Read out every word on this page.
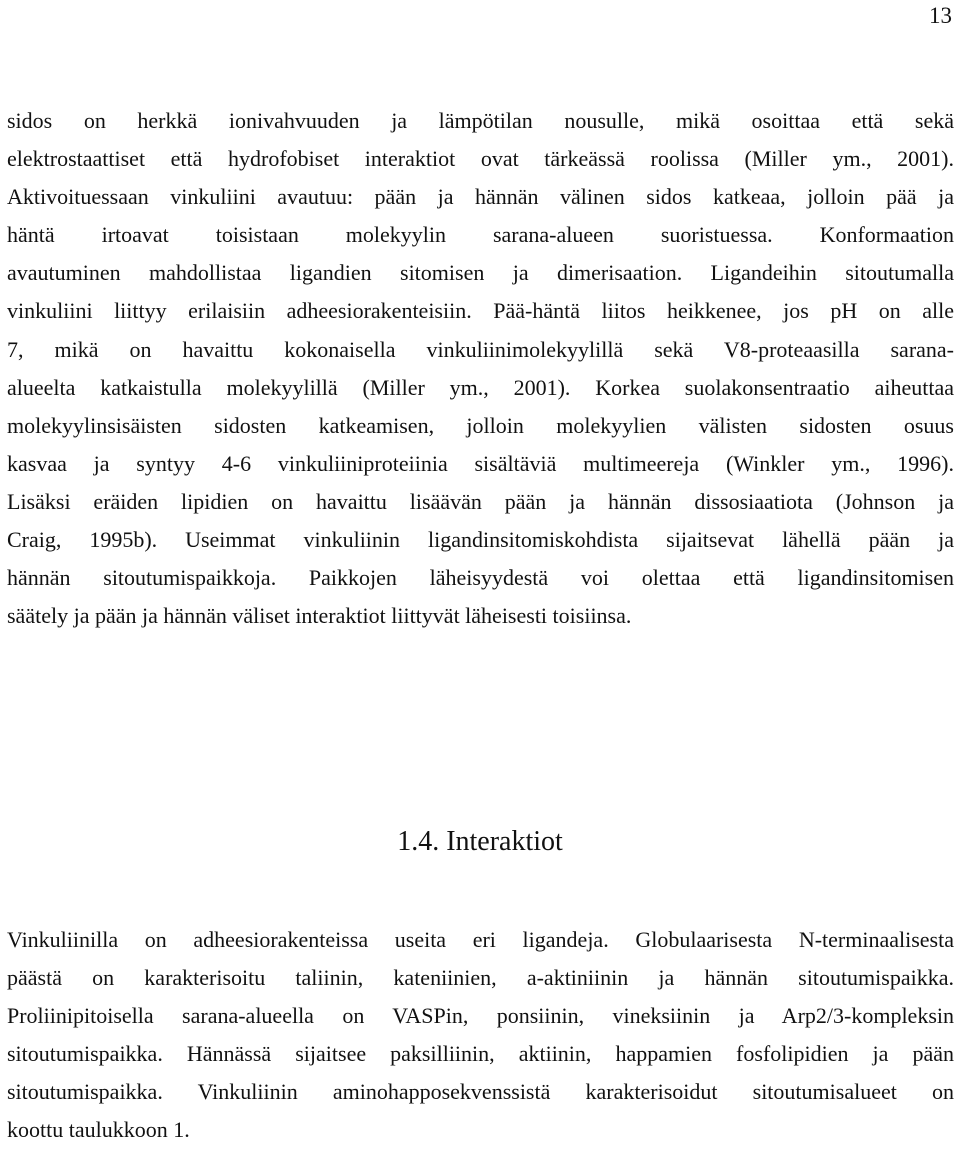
13
sidos on herkkä ionivahvuuden ja lämpötilan nousulle, mikä osoittaa että sekä
elektrostaattiset että hydrofobiset interaktiot ovat tärkeässä roolissa (Miller ym., 2001).
Aktivoituessaan vinkuliini avautuu: pään ja hännän välinen sidos katkeaa, jolloin pää ja
häntä irtoavat toisistaan molekyylin sarana-alueen suoristuessa. Konformaation
avautuminen mahdollistaa ligandien sitomisen ja dimerisaation. Ligandeihin sitoutumalla
vinkuliini liittyy erilaisiin adheesiorakenteisiin. Pää-häntä liitos heikkenee, jos pH on alle
7, mikä on havaittu kokonaisella vinkuliinimolekyylillä sekä V8-proteaasilla sarana-
alueelta katkaistulla molekyylillä (Miller ym., 2001). Korkea suolakonsentraatio aiheuttaa
molekyylinsisäisten sidosten katkeamisen, jolloin molekyylien välisten sidosten osuus
kasvaa ja syntyy 4-6 vinkuliiniproteiinia sisältäviä multimeereja (Winkler ym., 1996).
Lisäksi eräiden lipidien on havaittu lisäävän pään ja hännän dissosiaatiota (Johnson ja
Craig, 1995b). Useimmat vinkuliinin ligandinsitomiskohdista sijaitsevat lähellä pään ja
hännän sitoutumispaikkoja. Paikkojen läheisyydestä voi olettaa että ligandinsitomisen
säätely ja pään ja hännän väliset interaktiot liittyvät läheisesti toisiinsa.
1.4. Interaktiot
Vinkuliinilla on adheesiorakenteissa useita eri ligandeja. Globulaarisesta N-terminaalisesta
päästä on karakterisoitu taliinin, kateniinien, a-aktiniinin ja hännän sitoutumispaikka.
Proliinipitoisella sarana-alueella on VASPin, ponsiinin, vineksiinin ja Arp2/3-kompleksin
sitoutumispaikka. Hännässä sijaitsee paksilliinin, aktiinin, happamien fosfolipidien ja pään
sitoutumispaikka. Vinkuliinin aminohapposekvenssistä karakterisoidut sitoutumisalueet on
koottu taulukkoon 1.
